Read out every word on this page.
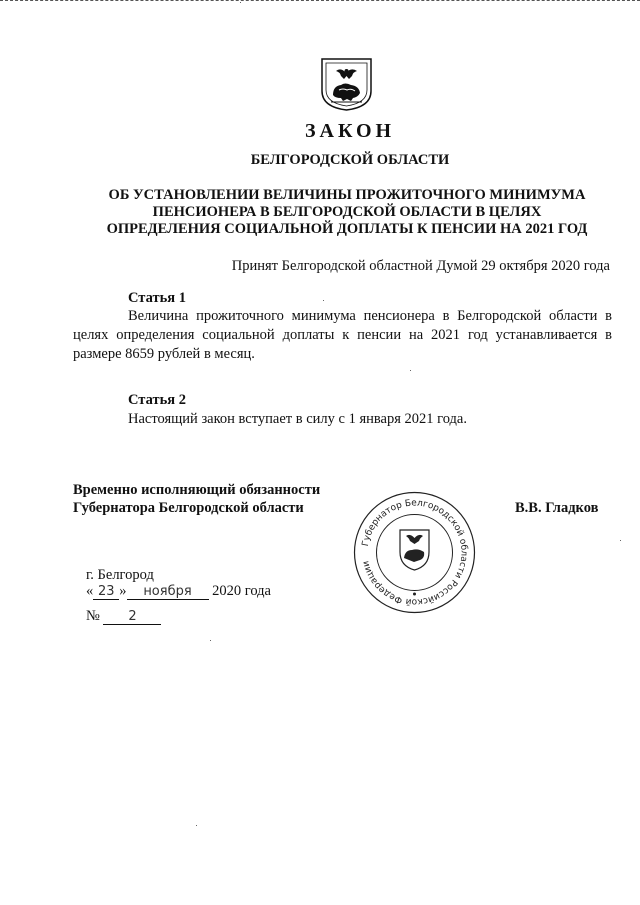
ЗАКОН
БЕЛГОРОДСКОЙ ОБЛАСТИ
ОБ УСТАНОВЛЕНИИ ВЕЛИЧИНЫ ПРОЖИТОЧНОГО МИНИМУМА
ПЕНСИОНЕРА В БЕЛГОРОДСКОЙ ОБЛАСТИ В ЦЕЛЯХ
ОПРЕДЕЛЕНИЯ СОЦИАЛЬНОЙ ДОПЛАТЫ К ПЕНСИИ НА 2021 ГОД
Принят Белгородской областной Думой 29 октября 2020 года
Статья 1
Величина прожиточного минимума пенсионера в Белгородской области в
целях определения социальной доплаты к пенсии на 2021 год устанавливается в
размере 8659 рублей в месяц.
Статья 2
Настоящий закон вступает в силу с 1 января 2021 года.
Временно исполняющий обязанности
Губернатора Белгородской области
Губернатор Белгородской области Российской Федерации
В.В. Гладков
г. Белгород
« 23 » ноября 2020 года
№ 2
